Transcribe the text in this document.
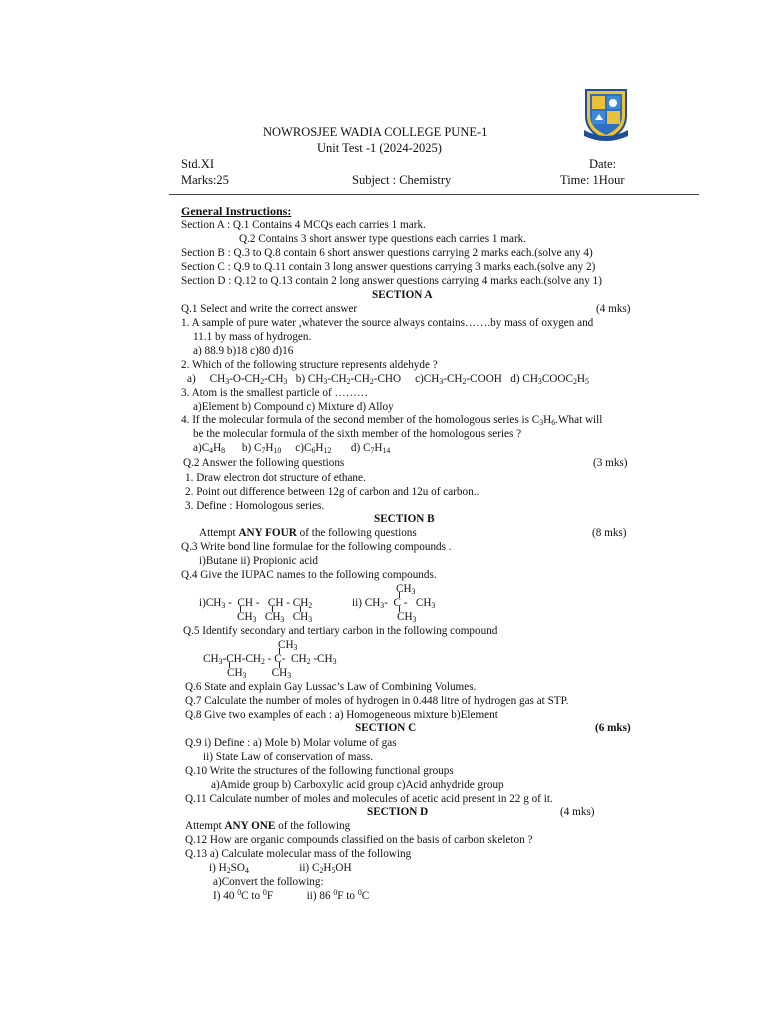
NOWROSJEE WADIA COLLEGE PUNE-1
Unit Test -1 (2024-2025)
Std.XI	Date:
Marks:25	Subject : Chemistry	Time: 1Hour
General Instructions:
Section A : Q.1 Contains 4 MCQs each carries 1 mark.
Q.2 Contains 3 short answer type questions each carries 1 mark.
Section B : Q.3 to Q.8 contain 6 short answer questions carrying 2 marks each.(solve any 4)
Section C : Q.9 to Q.11 contain 3 long answer questions carrying 3 marks each.(solve any 2)
Section D : Q.12 to Q.13 contain 2 long answer questions carrying 4 marks each.(solve any 1)
SECTION A
Q.1 Select and write the correct answer	(4 mks)
1. A sample of pure water ,whatever the source always contains…….by mass of oxygen and
11.1 by mass of hydrogen.
a) 88.9 b)18 c)80 d)16
2. Which of the following structure represents aldehyde ?
a)     $CH_3-O-CH_2-CH_3$   b) $CH_3-CH_2-CH_2$-CHO     $c)CH_3-CH_2$-COOH   d) $CH_3COOC_2H_5$
3. Atom is the smallest particle of ………
a)Element b) Compound c) Mixture d) Alloy
4. If the molecular formula of the second member of the homologous series is $C_3H_6.What$ will
be the molecular formula of the sixth member of the homologous series ?
$a)C_4H_8$      b) $C_7H_{10}$     $c)C_6H_{12}$       d) $C_7H_{14}$
Q.2 Answer the following questions	(3 mks)
1. Draw electron dot structure of ethane.
2. Point out difference between 12g of carbon and 12u of carbon..
3. Define : Homologous series.
SECTION B
Attempt ANY FOUR of the following questions	(8 mks)
Q.3 Write bond line formulae for the following compounds .
i)Butane ii) Propionic acid
Q.4 Give the IUPAC names to the following compounds.
$CH_3$
$i)CH_3$ -  CH -   CH - $CH_2$	ii) $CH_3-$  C -   $CH_3$
$CH_3$   $CH_3$   $CH_3$	$CH_3$
Q.5 Identify secondary and tertiary carbon in the following compound
$CH_3$
$CH_3-CH-CH_2 - C-$  $CH_2$ $-CH_3$
$CH_3$         $CH_3$
Q.6 State and explain Gay Lussac’s Law of Combining Volumes.
Q.7 Calculate the number of moles of hydrogen in 0.448 litre of hydrogen gas at STP.
Q.8 Give two examples of each : a) Homogeneous mixture b)Element
SECTION C	(6 mks)
Q.9 i) Define : a) Mole b) Molar volume of gas
ii) State Law of conservation of mass.
Q.10 Write the structures of the following functional groups
a)Amide group b) Carboxylic acid group c)Acid anhydride group
Q.11 Calculate number of moles and molecules of acetic acid present in 22 g of it.
SECTION D	(4 mks)
Attempt ANY ONE of the following
Q.12 How are organic compounds classified on the basis of carbon skeleton ?
Q.13 a) Calculate molecular mass of the following
i) $H_2SO_4$                  ii) $C_2H_5OH$
a)Convert the following:
I) 40 $^0$C to $^0$F            ii) 86 $^0$F to $^0$C
